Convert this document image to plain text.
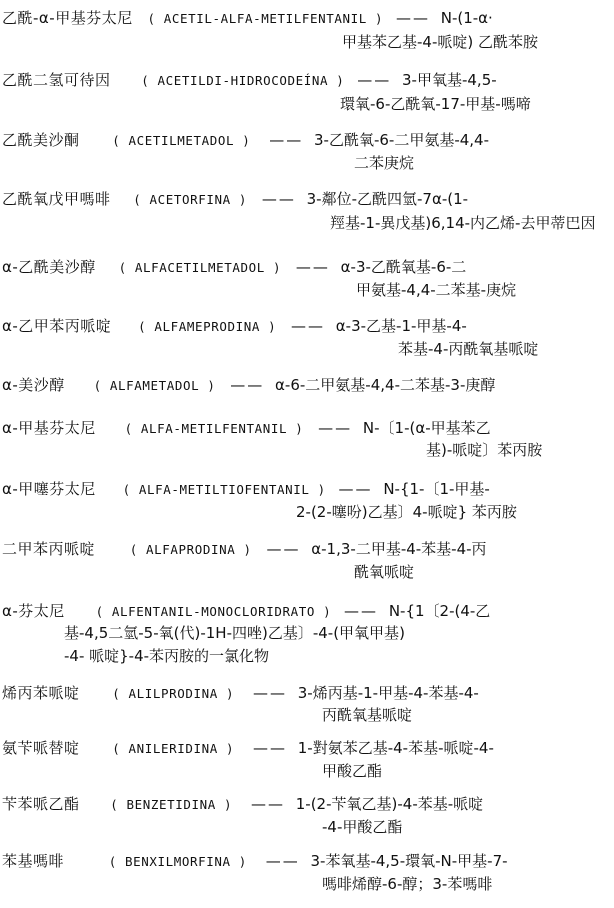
乙酰-α-甲基芬太尼 ( ACETIL-ALFA-METILFENTANIL ) —— N-(1-α·
甲基苯乙基-4-哌啶) 乙酰苯胺
乙酰二氢可待因 ( ACETILDI-HIDROCODEÍNA ) —— 3-甲氧基-4,5-
環氧-6-乙酰氧-17-甲基-嗎啼
乙酰美沙酮	( ACETILMETADOL ) —— 3-乙酰氧-6-二甲氨基-4,4-
二苯庚烷
乙酰氧戊甲嗎啡 ( ACETORFINA ) —— 3-鄰位-乙酰四氫-7α-(1-
羥基-1-異戊基)6,14-内乙烯-去甲蒂巴因
α-乙酰美沙醇 ( ALFACETILMETADOL ) —— α-3-乙酰氧基-6-二
甲氨基-4,4-二苯基-庚烷
α-乙甲苯丙哌啶 ( ALFAMEPRODINA ) —— α-3-乙基-1-甲基-4-
苯基-4-丙酰氧基哌啶
α-美沙醇 ( ALFAMETADOL ) —— α-6-二甲氨基-4,4-二苯基-3-庚醇
α-甲基芬太尼 ( ALFA-METILFENTANIL ) —— N-〔1-(α-甲基苯乙
基)-哌啶〕苯丙胺
α-甲噻芬太尼 ( ALFA-METILTIOFENTANIL ) —— N-{1-〔1-甲基-
2-(2-噻吩)乙基〕4-哌啶} 苯丙胺
二甲苯丙哌啶	( ALFAPRODINA ) —— α-1,3-二甲基-4-苯基-4-丙
酰氧哌啶
α-芬太尼 ( ALFENTANIL-MONOCLORIDRATO ) —— N-{1〔2-(4-乙
基-4,5二氫-5-氧(代)-1H-四唑)乙基〕-4-(甲氧甲基)
-4- 哌啶}-4-苯丙胺的一氯化物
烯丙苯哌啶	( ALILPRODINA ) —— 3-烯丙基-1-甲基-4-苯基-4-
丙酰氧基哌啶
氨苄哌替啶	( ANILERIDINA ) —— 1-對氨苯乙基-4-苯基-哌啶-4-
甲酸乙酯
苄苯哌乙酯 ( BENZETIDINA ) —— 1-(2-苄氧乙基)-4-苯基-哌啶
-4-甲酸乙酯
苯基嗎啡	( BENXILMORFINA ) —— 3-苯氧基-4,5-環氧-N-甲基-7-
嗎啡烯醇-6-醇；3-苯嗎啡
